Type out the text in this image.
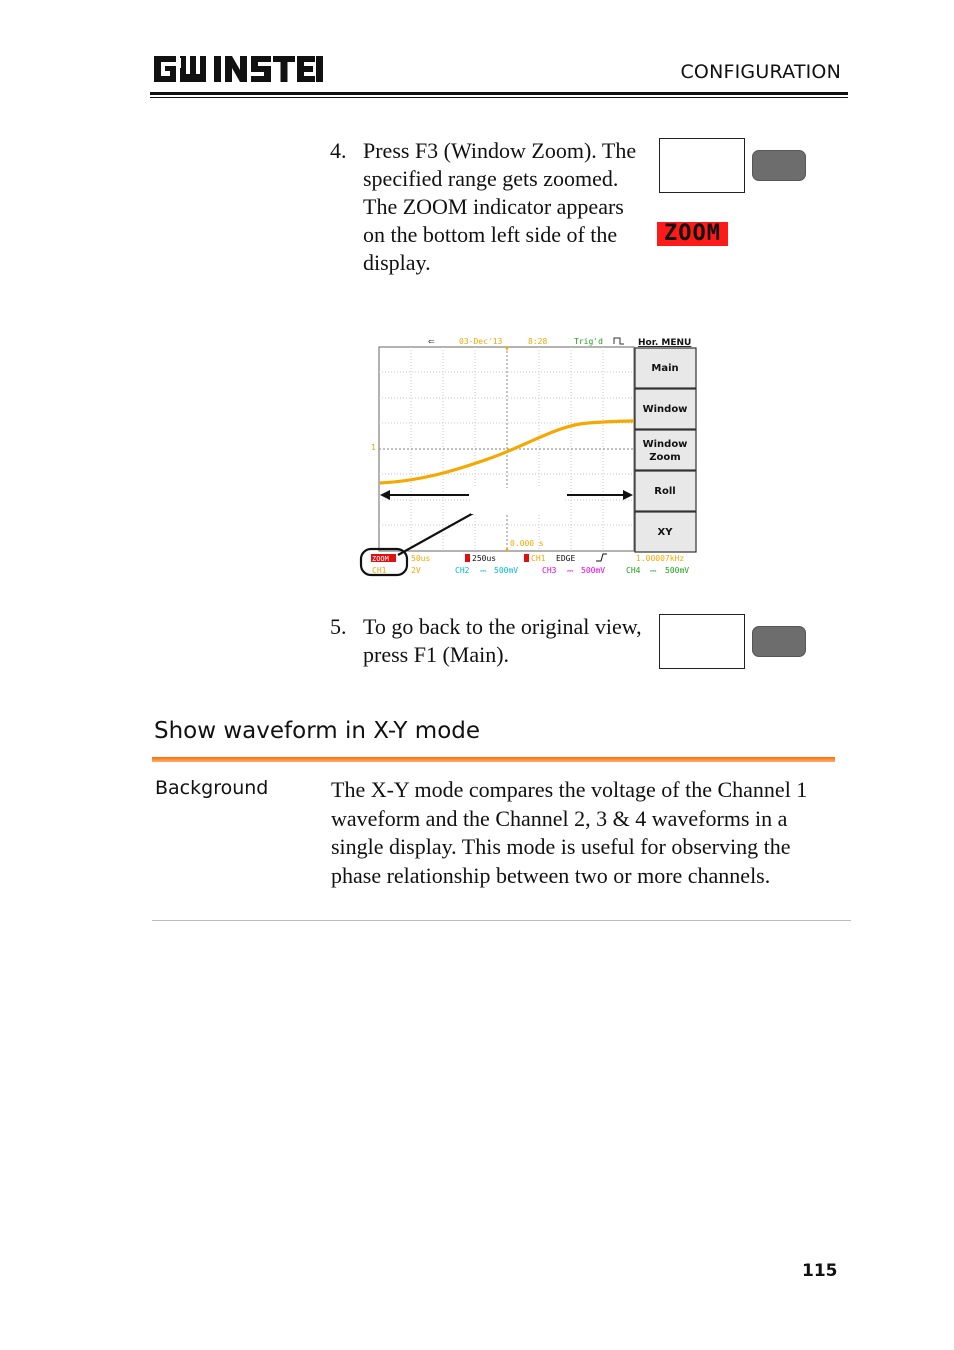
CONFIGURATION
4. Press F3 (Window Zoom). The specified range gets zoomed. The ZOOM indicator appears on the bottom left side of the display.
ZOOM
1
⇐	03-Dec'13	8:28	Trig'd	Hor. MENU
Main
Window
Window
Zoom
Roll
XY
0.000 s
ZOOM	50us	250us	CH1 EDGE	1.00007kHz
CH1	2V	CH2 ⎓ 500mV	CH3 ⎓ 500mV	CH4 ⎓ 500mV
5. To go back to the original view, press F1 (Main).
Show waveform in X-Y mode
Background	The X-Y mode compares the voltage of the Channel 1 waveform and the Channel 2, 3 & 4 waveforms in a single display. This mode is useful for observing the phase relationship between two or more channels.
115
